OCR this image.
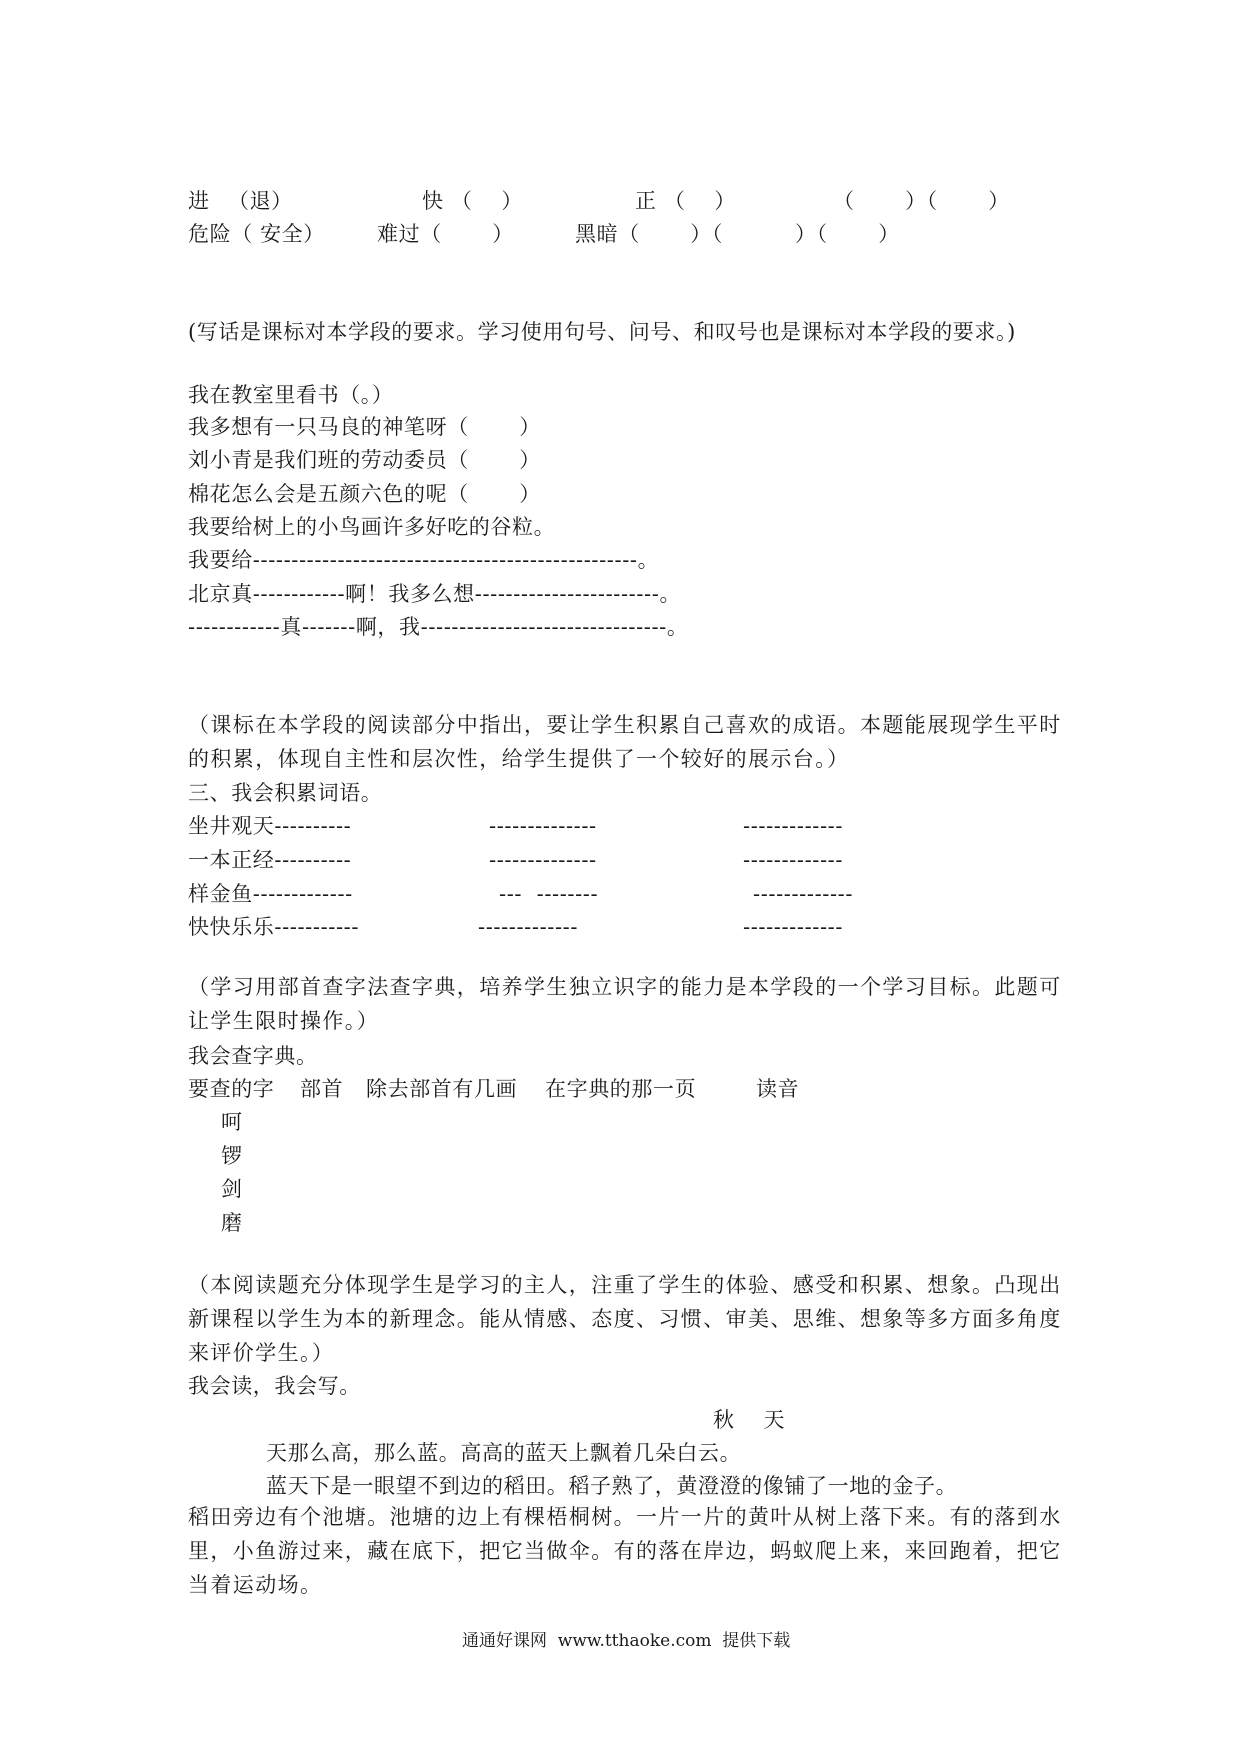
进 　（退）	快 （　 ）	正 （　 ）	（　　 ）（　　 ）
危险（ 安全） 难过（　　 ）	黑暗（　　 ）（　　　 ）（　　 ）
(写话是课标对本学段的要求。学习使用句号、问号、和叹号也是课标对本学段的要求。)
我在教室里看书（。）
我多想有一只马良的神笔呀（　　 ）
刘小青是我们班的劳动委员（　　 ）
棉花怎么会是五颜六色的呢（　　 ）
我要给树上的小鸟画许多好吃的谷粒。
我要给--------------------------------------------------。
北京真------------啊！我多么想------------------------。
------------真-------啊，我--------------------------------。
（课标在本学段的阅读部分中指出，要让学生积累自己喜欢的成语。本题能展现学生平时的积累，体现自主性和层次性，给学生提供了一个较好的展示台。）
三、我会积累词语。
坐井观天----------	--------------	-------------
一本正经----------	--------------	-------------
样金鱼-------------	---  --------	-------------
快快乐乐-----------	-------------	-------------
（学习用部首查字法查字典，培养学生独立识字的能力是本学段的一个学习目标。此题可让学生限时操作。）
我会查字典。
要查的字 部首 除去部首有几画 在字典的那一页	读音
呵
锣
剑
磨
（本阅读题充分体现学生是学习的主人，注重了学生的体验、感受和积累、想象。凸现出新课程以学生为本的新理念。能从情感、态度、习惯、审美、思维、想象等多方面多角度来评价学生。）
我会读，我会写。
秋　 天
天那么高，那么蓝。高高的蓝天上飘着几朵白云。
蓝天下是一眼望不到边的稻田。稻子熟了，黄澄澄的像铺了一地的金子。
稻田旁边有个池塘。池塘的边上有棵梧桐树。一片一片的黄叶从树上落下来。有的落到水里，小鱼游过来，藏在底下，把它当做伞。有的落在岸边，蚂蚁爬上来，来回跑着，把它当着运动场。
通通好课网  www.tthaoke.com  提供下载
